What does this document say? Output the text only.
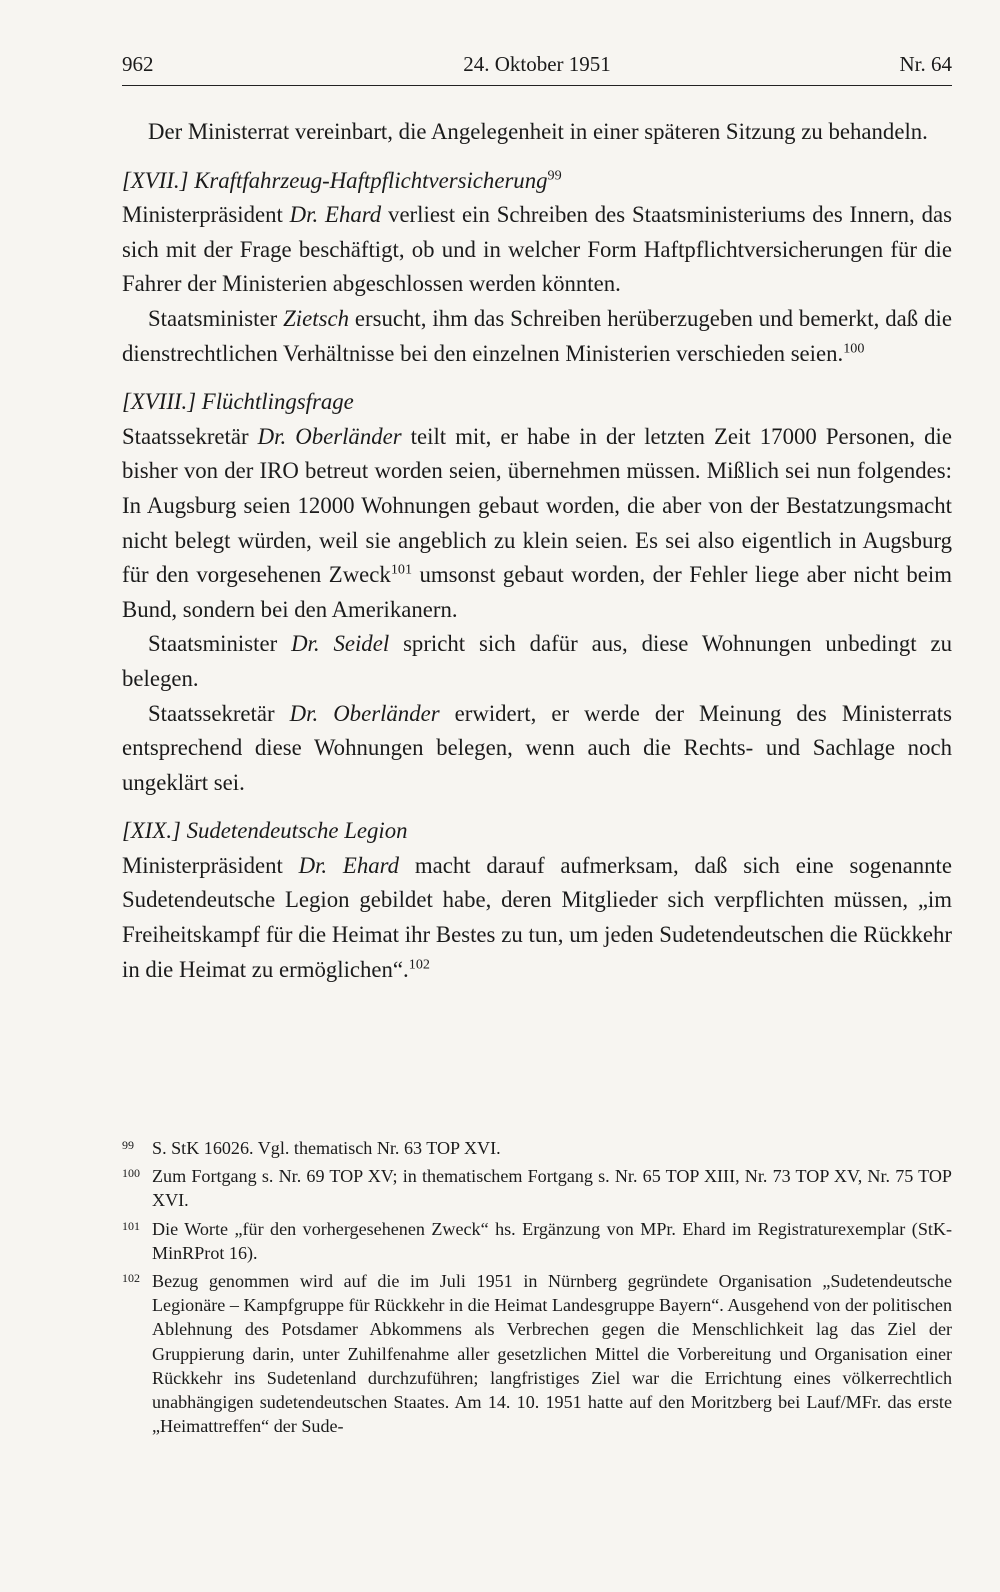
962	24. Oktober 1951	Nr. 64

Der Ministerrat vereinbart, die Angelegenheit in einer späteren Sitzung zu behandeln.

[XVII.] Kraftfahrzeug-Haftpflichtversicherung$^{99}$

Ministerpräsident Dr. Ehard verliest ein Schreiben des Staatsministeriums des Innern, das sich mit der Frage beschäftigt, ob und in welcher Form Haftpflichtversicherungen für die Fahrer der Ministerien abgeschlossen werden könnten.

Staatsminister Zietsch ersucht, ihm das Schreiben herüberzugeben und bemerkt, daß die dienstrechtlichen Verhältnisse bei den einzelnen Ministerien verschieden seien.$^{100}$

[XVIII.] Flüchtlingsfrage

Staatssekretär Dr. Oberländer teilt mit, er habe in der letzten Zeit 17000 Personen, die bisher von der IRO betreut worden seien, übernehmen müssen. Mißlich sei nun folgendes: In Augsburg seien 12000 Wohnungen gebaut worden, die aber von der Bestatzungsmacht nicht belegt würden, weil sie angeblich zu klein seien. Es sei also eigentlich in Augsburg für den vorgesehenen Zweck$^{101}$ umsonst gebaut worden, der Fehler liege aber nicht beim Bund, sondern bei den Amerikanern.

Staatsminister Dr. Seidel spricht sich dafür aus, diese Wohnungen unbedingt zu belegen.

Staatssekretär Dr. Oberländer erwidert, er werde der Meinung des Ministerrats entsprechend diese Wohnungen belegen, wenn auch die Rechts- und Sachlage noch ungeklärt sei.

[XIX.] Sudetendeutsche Legion

Ministerpräsident Dr. Ehard macht darauf aufmerksam, daß sich eine sogenannte Sudetendeutsche Legion gebildet habe, deren Mitglieder sich verpflichten müssen, „im Freiheitskampf für die Heimat ihr Bestes zu tun, um jeden Sudetendeutschen die Rückkehr in die Heimat zu ermöglichen“.$^{102}$

99 S. StK 16026. Vgl. thematisch Nr. 63 TOP XVI.
100 Zum Fortgang s. Nr. 69 TOP XV; in thematischem Fortgang s. Nr. 65 TOP XIII, Nr. 73 TOP XV, Nr. 75 TOP XVI.
101 Die Worte „für den vorhergesehenen Zweck“ hs. Ergänzung von MPr. Ehard im Registraturexemplar (StK-MinRProt 16).
102 Bezug genommen wird auf die im Juli 1951 in Nürnberg gegründete Organisation „Sudetendeutsche Legionäre – Kampfgruppe für Rückkehr in die Heimat Landesgruppe Bayern“. Ausgehend von der politischen Ablehnung des Potsdamer Abkommens als Verbrechen gegen die Menschlichkeit lag das Ziel der Gruppierung darin, unter Zuhilfenahme aller gesetzlichen Mittel die Vorbereitung und Organisation einer Rückkehr ins Sudetenland durchzuführen; langfristiges Ziel war die Errichtung eines völkerrechtlich unabhängigen sudetendeutschen Staates. Am 14. 10. 1951 hatte auf den Moritzberg bei Lauf/MFr. das erste „Heimattreffen“ der Sude-
